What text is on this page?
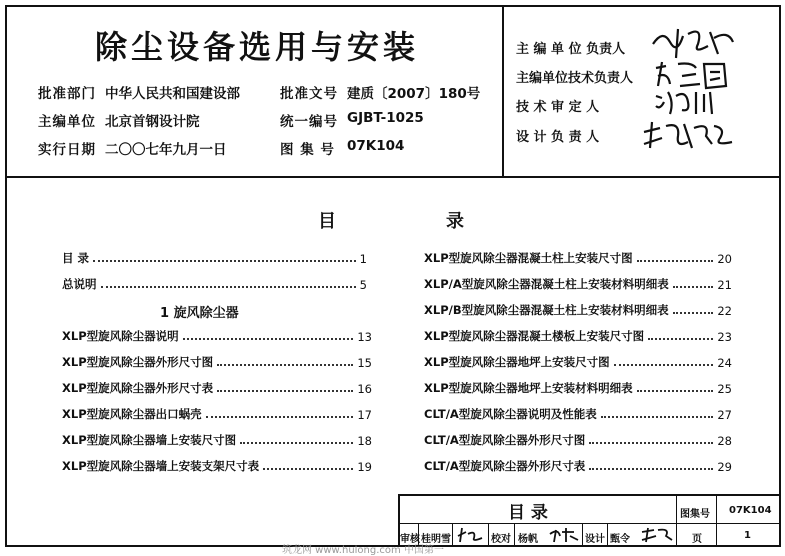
除尘设备选用与安装
批准部门 中华人民共和国建设部
主编单位 北京首钢设计院
实行日期 二〇〇七年九月一日
批准文号 建质〔2007〕180号
统一编号 GJBT-1025
图 集 号 07K104
主 编 单 位 负责人
主编单位技术负责人
技 术 审 定 人
设 计 负 责 人
目	录
目 录	1
总说明	5
1 旋风除尘器
XLP型旋风除尘器说明	13
XLP型旋风除尘器外形尺寸图	15
XLP型旋风除尘器外形尺寸表	16
XLP型旋风除尘器出口蜗壳	17
XLP型旋风除尘器墙上安装尺寸图	18
XLP型旋风除尘器墙上安装支架尺寸表	19
XLP型旋风除尘器混凝土柱上安装尺寸图	20
XLP/A型旋风除尘器混凝土柱上安装材料明细表	21
XLP/B型旋风除尘器混凝土柱上安装材料明细表	22
XLP型旋风除尘器混凝土楼板上安装尺寸图	23
XLP型旋风除尘器地坪上安装尺寸图	24
XLP型旋风除尘器地坪上安装材料明细表	25
CLT/A型旋风除尘器说明及性能表	27
CLT/A型旋风除尘器外形尺寸图	28
CLT/A型旋风除尘器外形尺寸表	29
目 录	图集号 07K104
页	1
审核 桂明雪	校对 杨帆	设计 甄令
筑龙网 www.hulong.com 中国第一
